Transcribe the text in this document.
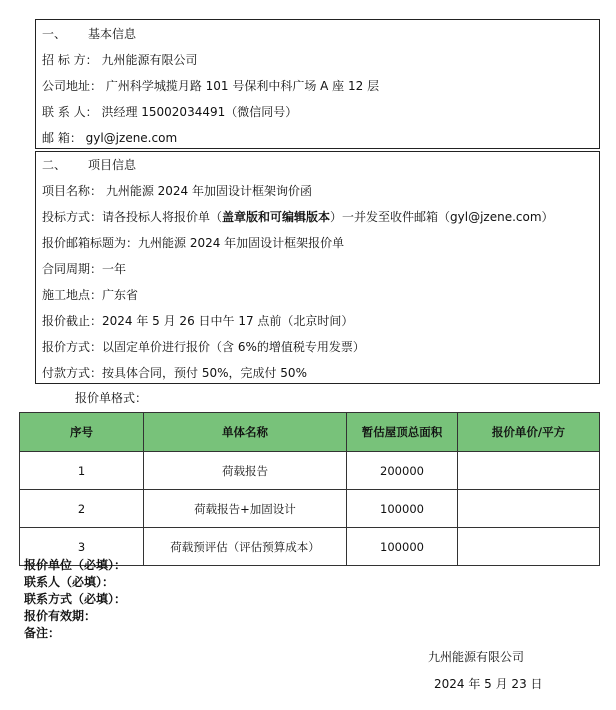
一、 基本信息
招 标 方： 九州能源有限公司
公司地址： 广州科学城揽月路 101 号保利中科广场 A 座 12 层
联 系 人： 洪经理 15002034491（微信同号）
邮 箱： gyl@jzene.com
二、 项目信息
项目名称： 九州能源 2024 年加固设计框架询价函
投标方式：请各投标人将报价单（盖章版和可编辑版本）一并发至收件邮箱（gyl@jzene.com）
报价邮箱标题为：九州能源 2024 年加固设计框架报价单
合同周期：一年
施工地点：广东省
报价截止：2024 年 5 月 26 日中午 17 点前（北京时间）
报价方式：以固定单价进行报价（含 6%的增值税专用发票）
付款方式：按具体合同，预付 50%，完成付 50%
报价单格式：
序号	单体名称	暂估屋顶总面积	报价单价/平方
1	荷载报告	200000	
2	荷载报告+加固设计	100000	
3	荷载预评估（评估预算成本）	100000	
报价单位（必填）：
联系人（必填）：
联系方式（必填）：
报价有效期：
备注：
九州能源有限公司
2024 年 5 月 23 日
